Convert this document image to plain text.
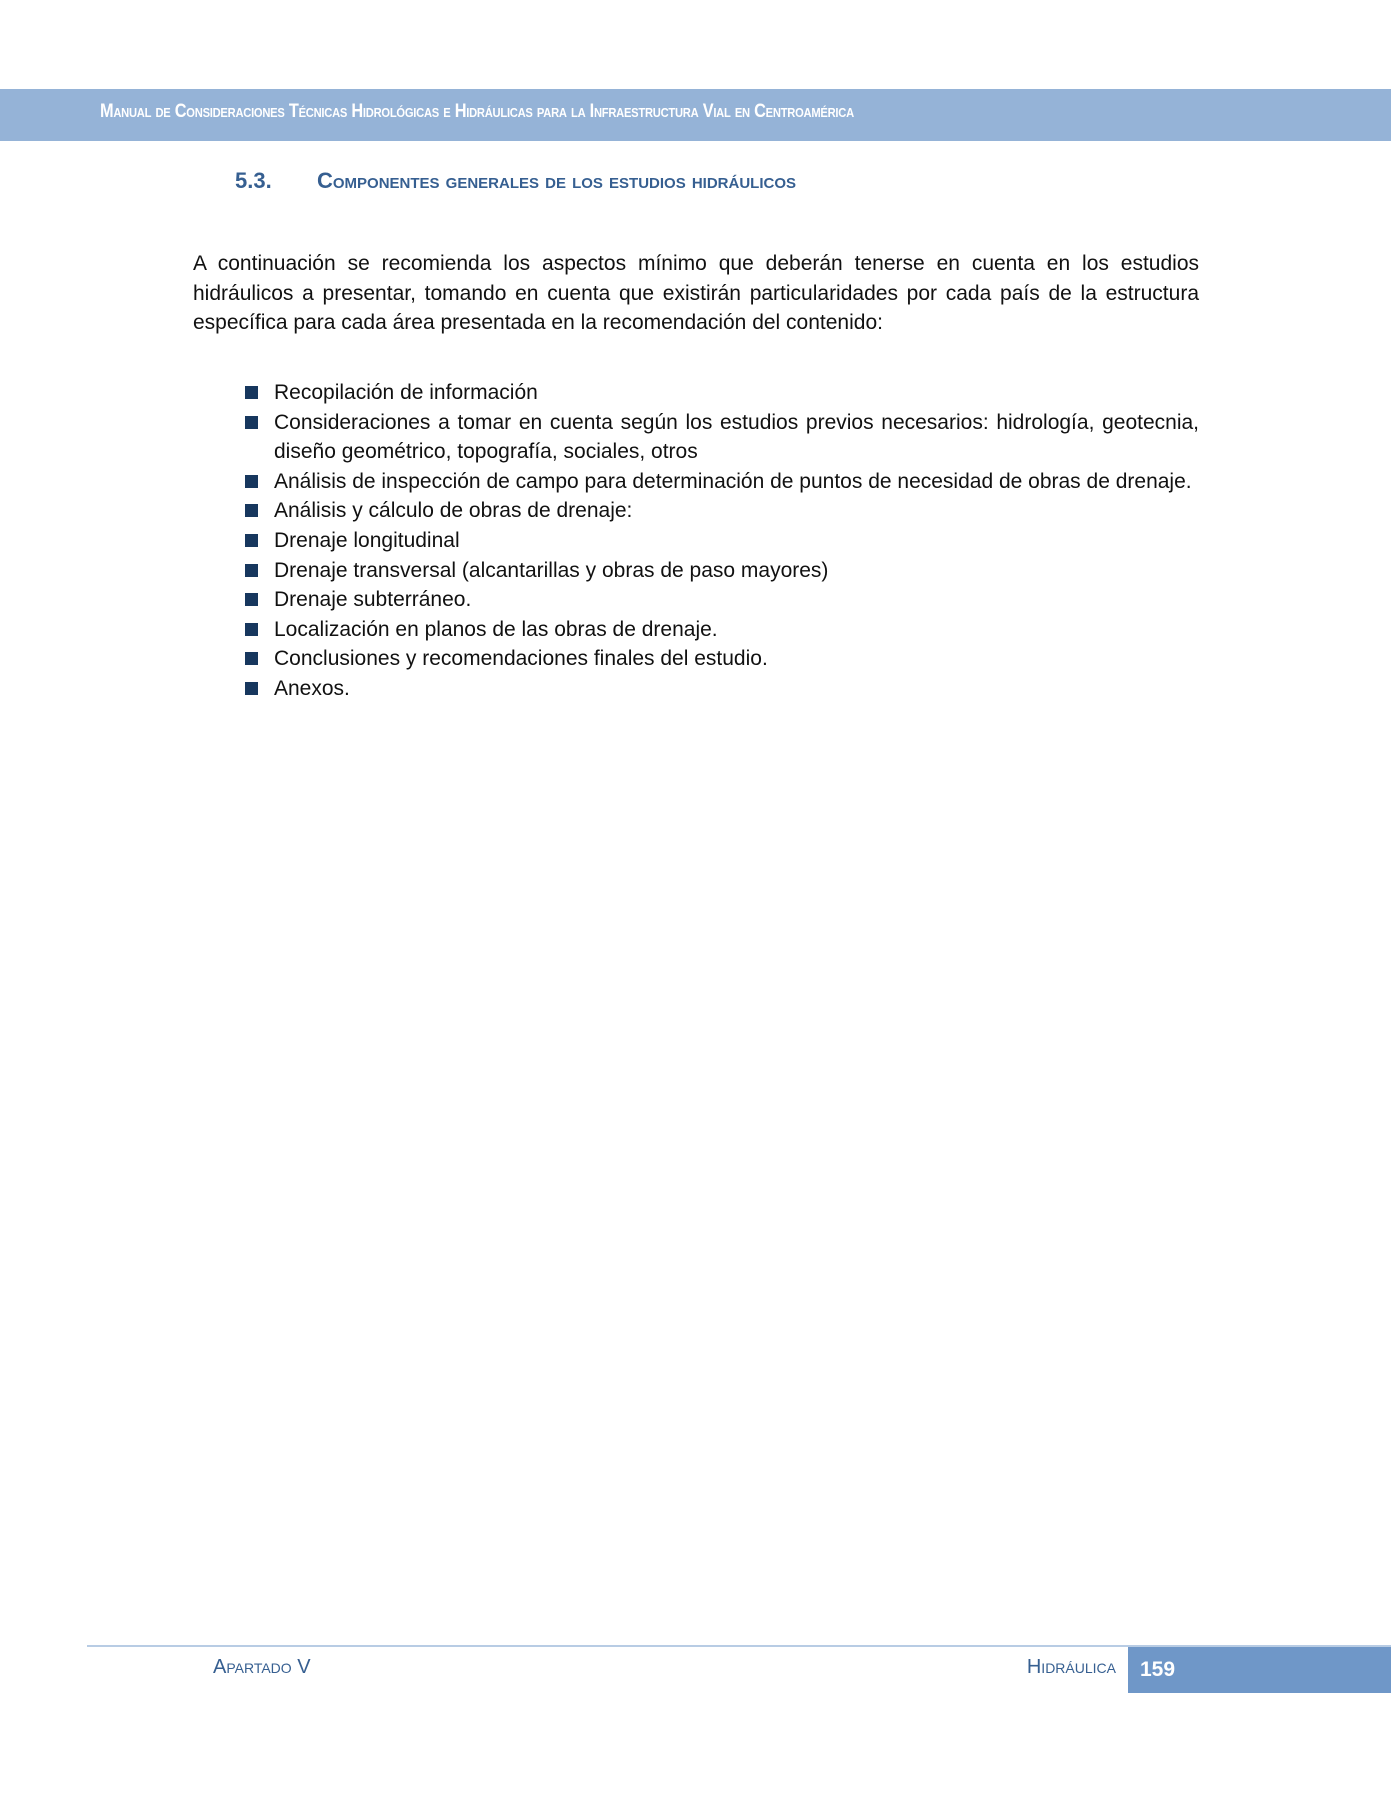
Manual de Consideraciones Técnicas Hidrológicas e Hidráulicas para la Infraestructura Vial en Centroamérica
5.3. Componentes generales de los estudios hidráulicos

A continuación se recomienda los aspectos mínimo que deberán tenerse en cuenta en los estudios hidráulicos a presentar, tomando en cuenta que existirán particularidades por cada país de la estructura específica para cada área presentada en la recomendación del contenido:

Recopilación de información
Consideraciones a tomar en cuenta según los estudios previos necesarios: hidrología, geotecnia, diseño geométrico, topografía, sociales, otros
Análisis de inspección de campo para determinación de puntos de necesidad de obras de drenaje.
Análisis y cálculo de obras de drenaje:
Drenaje longitudinal
Drenaje transversal (alcantarillas y obras de paso mayores)
Drenaje subterráneo.
Localización en planos de las obras de drenaje.
Conclusiones y recomendaciones finales del estudio.
Anexos.
Apartado V	Hidráulica 159
